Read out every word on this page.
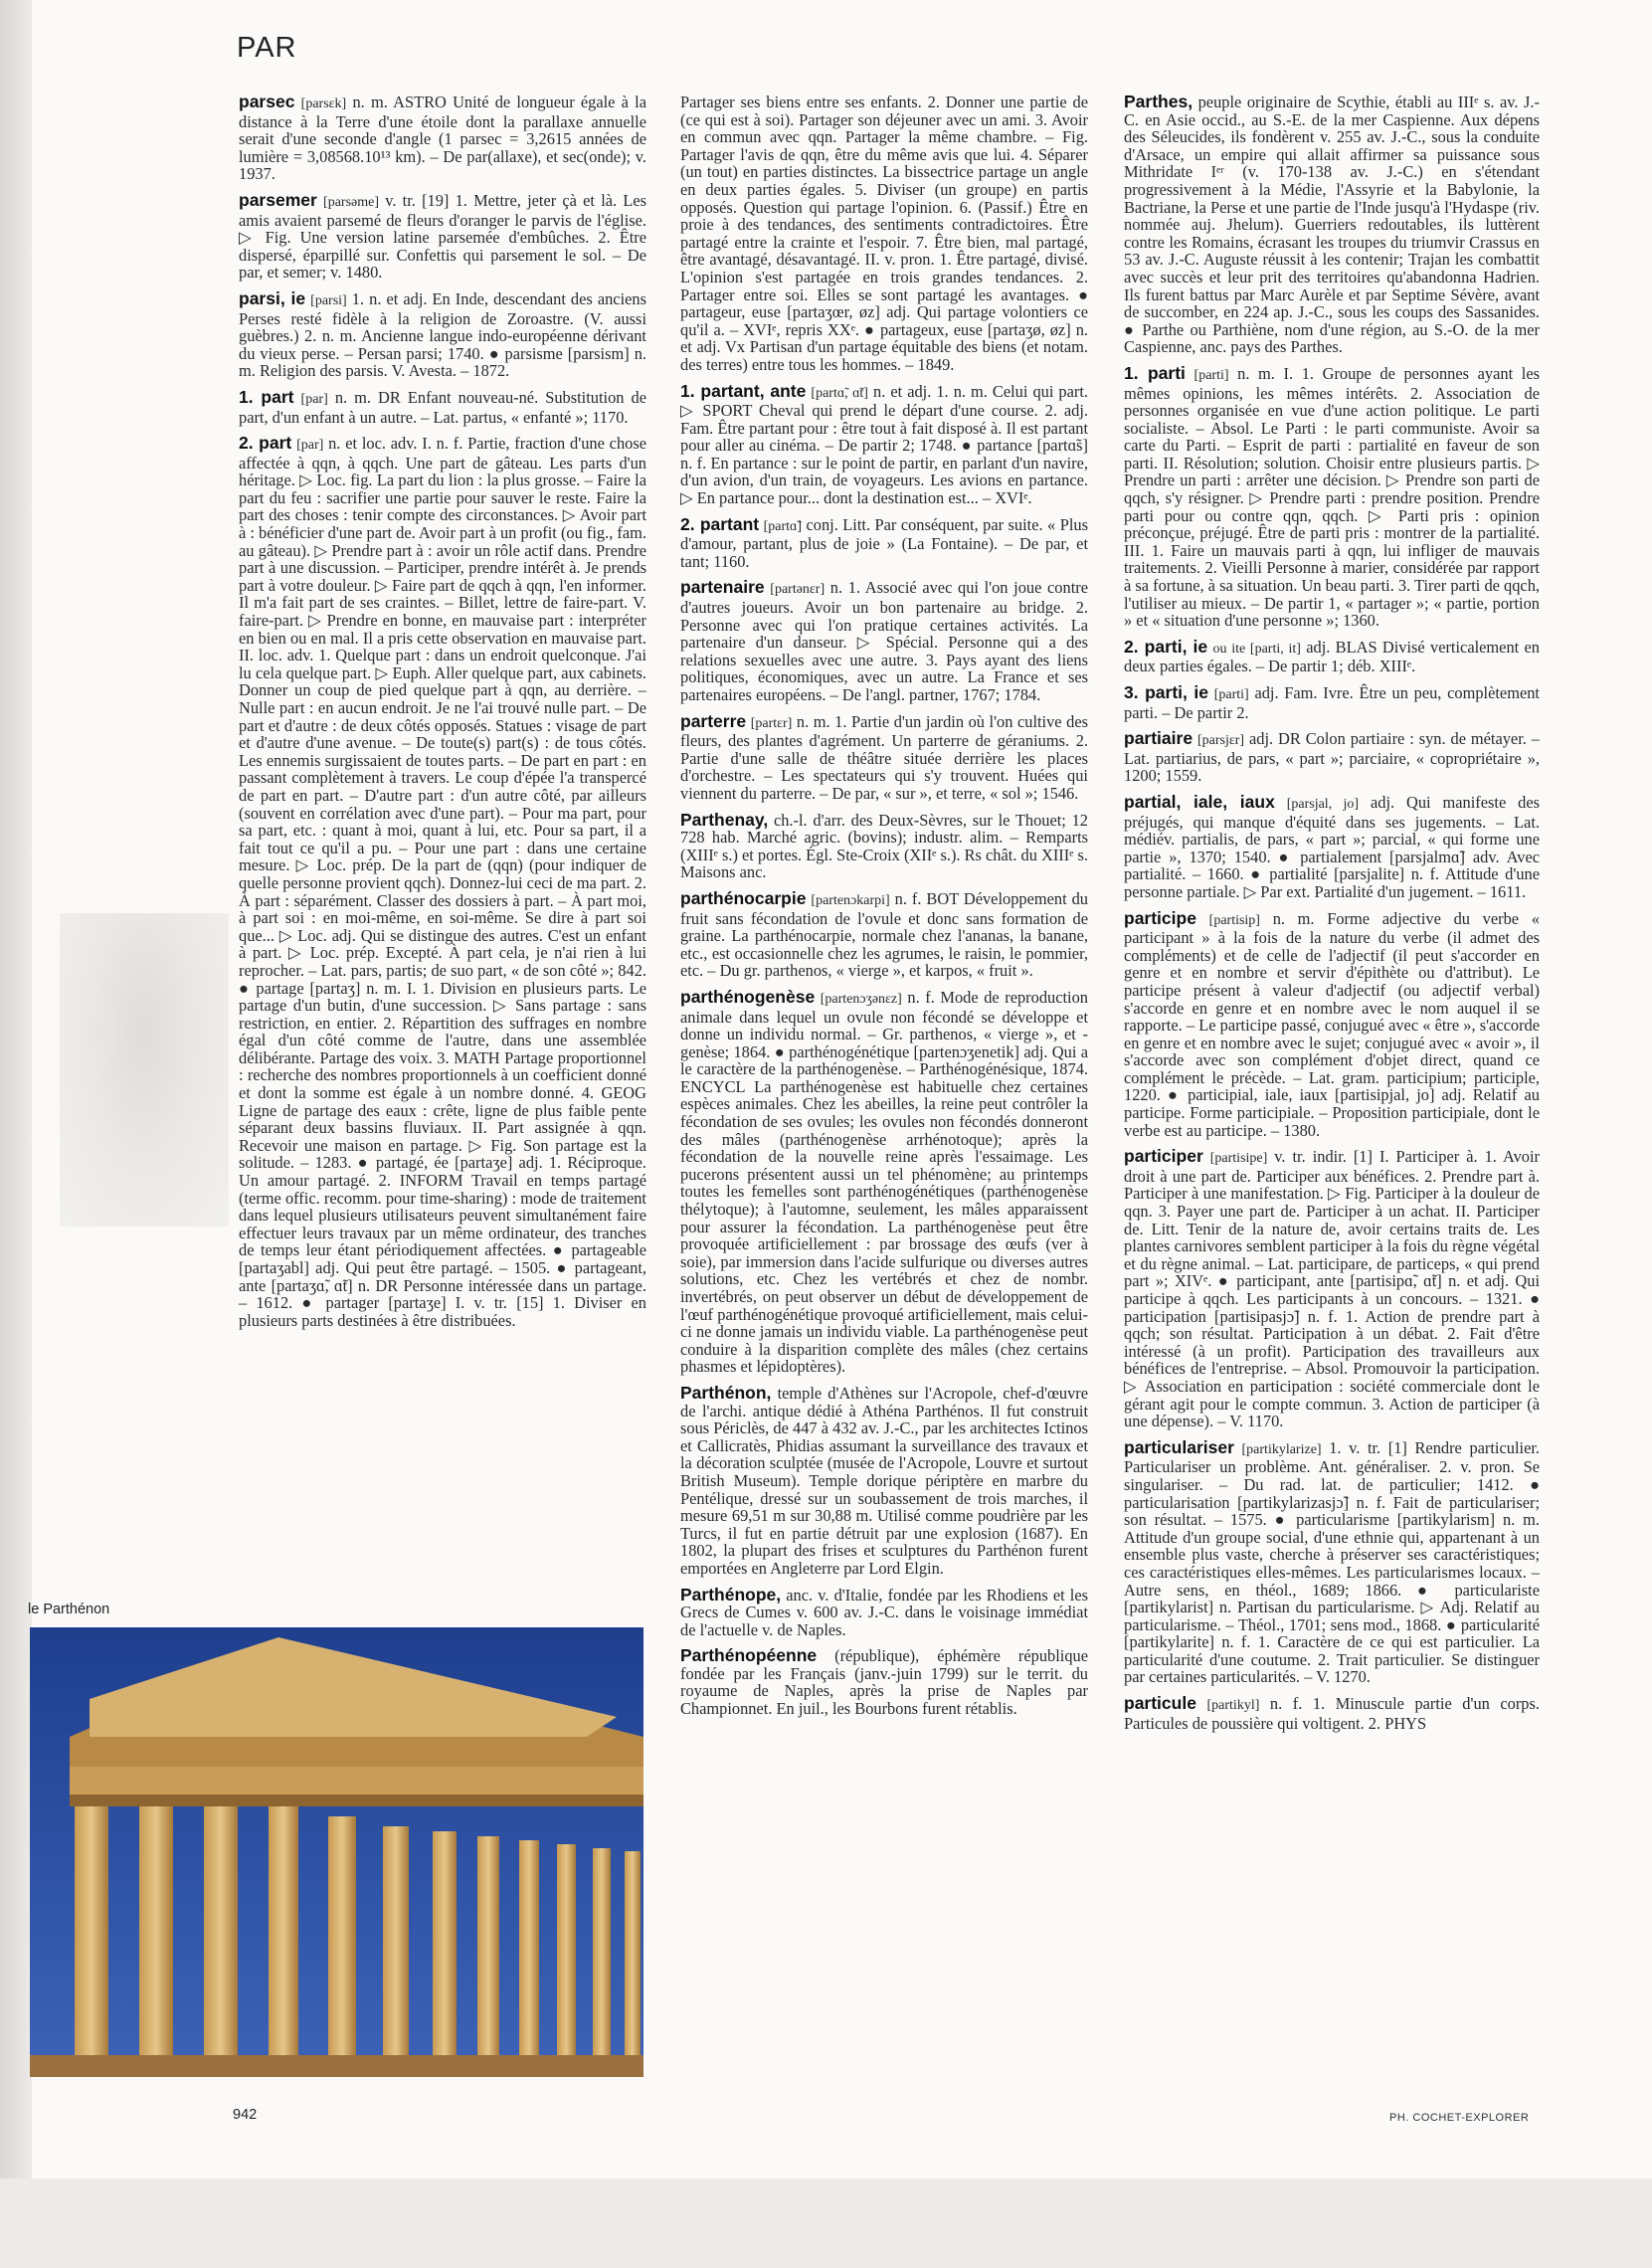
PAR

parsec [parsɛk] n. m. ASTRO Unité de longueur égale à la distance à la Terre d'une étoile dont la parallaxe annuelle serait d'une seconde d'angle (1 parsec = 3,2615 années de lumière = 3,08568.10¹³ km). – De par(allaxe), et sec(onde); v. 1937.

parsemer [parsəme] v. tr. [19] 1. Mettre, jeter çà et là. Les amis avaient parsemé de fleurs d'oranger le parvis de l'église. ▷ Fig. Une version latine parsemée d'embûches. 2. Être dispersé, éparpillé sur. Confettis qui parsement le sol. – De par, et semer; v. 1480.

parsi, ie [parsi] 1. n. et adj. En Inde, descendant des anciens Perses resté fidèle à la religion de Zoroastre. (V. aussi guèbres.) 2. n. m. Ancienne langue indo-européenne dérivant du vieux perse. – Persan parsi; 1740. ● parsisme [parsism] n. m. Religion des parsis. V. Avesta. – 1872.

1. part [par] n. m. DR Enfant nouveau-né. Substitution de part, d'un enfant à un autre. – Lat. partus, « enfanté »; 1170.

2. part [par] n. et loc. adv. I. n. f. Partie, fraction d'une chose affectée à qqn, à qqch. Une part de gâteau. Les parts d'un héritage. ▷ Loc. fig. La part du lion : la plus grosse. – Faire la part du feu : sacrifier une partie pour sauver le reste. Faire la part des choses : tenir compte des circonstances. ▷ Avoir part à : bénéficier d'une part de. Avoir part à un profit (ou fig., fam. au gâteau). ▷ Prendre part à : avoir un rôle actif dans. Prendre part à une discussion. – Participer, prendre intérêt à. Je prends part à votre douleur. ▷ Faire part de qqch à qqn, l'en informer. Il m'a fait part de ses craintes. – Billet, lettre de faire-part. V. faire-part. ▷ Prendre en bonne, en mauvaise part : interpréter en bien ou en mal. Il a pris cette observation en mauvaise part. II. loc. adv. 1. Quelque part : dans un endroit quelconque. J'ai lu cela quelque part. ▷ Euph. Aller quelque part, aux cabinets. Donner un coup de pied quelque part à qqn, au derrière. – Nulle part : en aucun endroit. Je ne l'ai trouvé nulle part. – De part et d'autre : de deux côtés opposés. Statues : visage de part et d'autre d'une avenue. – De toute(s) part(s) : de tous côtés. Les ennemis surgissaient de toutes parts. – De part en part : en passant complètement à travers. Le coup d'épée l'a transpercé de part en part. – D'autre part : d'un autre côté, par ailleurs (souvent en corrélation avec d'une part). – Pour ma part, pour sa part, etc. : quant à moi, quant à lui, etc. Pour sa part, il a fait tout ce qu'il a pu. – Pour une part : dans une certaine mesure. ▷ Loc. prép. De la part de (qqn) (pour indiquer de quelle personne provient qqch). Donnez-lui ceci de ma part. 2. À part : séparément. Classer des dossiers à part. – À part moi, à part soi : en moi-même, en soi-même. Se dire à part soi que... ▷ Loc. adj. Qui se distingue des autres. C'est un enfant à part. ▷ Loc. prép. Excepté. À part cela, je n'ai rien à lui reprocher. – Lat. pars, partis; de suo part, « de son côté »; 842. ● partage [partaʒ] n. m. I. 1. Division en plusieurs parts. Le partage d'un butin, d'une succession. ▷ Sans partage : sans restriction, en entier. 2. Répartition des suffrages en nombre égal d'un côté comme de l'autre, dans une assemblée délibérante. Partage des voix. 3. MATH Partage proportionnel : recherche des nombres proportionnels à un coefficient donné et dont la somme est égale à un nombre donné. 4. GEOG Ligne de partage des eaux : crête, ligne de plus faible pente séparant deux bassins fluviaux. II. Part assignée à qqn. Recevoir une maison en partage. ▷ Fig. Son partage est la solitude. – 1283. ● partagé, ée [partaʒe] adj. 1. Réciproque. Un amour partagé. 2. INFORM Travail en temps partagé (terme offic. recomm. pour time-sharing) : mode de traitement dans lequel plusieurs utilisateurs peuvent simultanément faire effectuer leurs travaux par un même ordinateur, des tranches de temps leur étant périodiquement affectées. ● partageable [partaʒabl] adj. Qui peut être partagé. – 1505. ● partageant, ante [partaʒɑ̃, ɑ̃t] n. DR Personne intéressée dans un partage. – 1612. ● partager [partaʒe] I. v. tr. [15] 1. Diviser en plusieurs parts destinées à être distribuées.

Partager ses biens entre ses enfants. 2. Donner une partie de (ce qui est à soi). Partager son déjeuner avec un ami. 3. Avoir en commun avec qqn. Partager la même chambre. – Fig. Partager l'avis de qqn, être du même avis que lui. 4. Séparer (un tout) en parties distinctes. La bissectrice partage un angle en deux parties égales. 5. Diviser (un groupe) en partis opposés. Question qui partage l'opinion. 6. (Passif.) Être en proie à des tendances, des sentiments contradictoires. Être partagé entre la crainte et l'espoir. 7. Être bien, mal partagé, être avantagé, désavantagé. II. v. pron. 1. Être partagé, divisé. L'opinion s'est partagée en trois grandes tendances. 2. Partager entre soi. Elles se sont partagé les avantages. ● partageur, euse [partaʒœr, øz] adj. Qui partage volontiers ce qu'il a. – XVIᵉ, repris XXᵉ. ● partageux, euse [partaʒø, øz] n. et adj. Vx Partisan d'un partage équitable des biens (et notam. des terres) entre tous les hommes. – 1849.

1. partant, ante [partɑ̃, ɑ̃t] n. et adj. 1. n. m. Celui qui part. ▷ SPORT Cheval qui prend le départ d'une course. 2. adj. Fam. Être partant pour : être tout à fait disposé à. Il est partant pour aller au cinéma. – De partir 2; 1748. ● partance [partɑ̃s] n. f. En partance : sur le point de partir, en parlant d'un navire, d'un avion, d'un train, de voyageurs. Les avions en partance. ▷ En partance pour... dont la destination est... – XVIᵉ.

2. partant [partɑ̃] conj. Litt. Par conséquent, par suite. « Plus d'amour, partant, plus de joie » (La Fontaine). – De par, et tant; 1160.

partenaire [partənɛr] n. 1. Associé avec qui l'on joue contre d'autres joueurs. Avoir un bon partenaire au bridge. 2. Personne avec qui l'on pratique certaines activités. La partenaire d'un danseur. ▷ Spécial. Personne qui a des relations sexuelles avec une autre. 3. Pays ayant des liens politiques, économiques, avec un autre. La France et ses partenaires européens. – De l'angl. partner, 1767; 1784.

parterre [partɛr] n. m. 1. Partie d'un jardin où l'on cultive des fleurs, des plantes d'agrément. Un parterre de géraniums. 2. Partie d'une salle de théâtre située derrière les places d'orchestre. – Les spectateurs qui s'y trouvent. Huées qui viennent du parterre. – De par, « sur », et terre, « sol »; 1546.

Parthenay, ch.-l. d'arr. des Deux-Sèvres, sur le Thouet; 12 728 hab. Marché agric. (bovins); industr. alim. – Remparts (XIIIᵉ s.) et portes. Égl. Ste-Croix (XIIᵉ s.). Rs chât. du XIIIᵉ s. Maisons anc.

parthénocarpie [partenɔkarpi] n. f. BOT Développement du fruit sans fécondation de l'ovule et donc sans formation de graine. La parthénocarpie, normale chez l'ananas, la banane, etc., est occasionnelle chez les agrumes, le raisin, le pommier, etc. – Du gr. parthenos, « vierge », et karpos, « fruit ».

parthénogenèse [partenɔʒənɛz] n. f. Mode de reproduction animale dans lequel un ovule non fécondé se développe et donne un individu normal. – Gr. parthenos, « vierge », et -genèse; 1864. ● parthénogénétique [partenɔʒenetik] adj. Qui a le caractère de la parthénogenèse. – Parthénogénésique, 1874. ENCYCL La parthénogenèse est habituelle chez certaines espèces animales. Chez les abeilles, la reine peut contrôler la fécondation de ses ovules; les ovules non fécondés donneront des mâles (parthénogenèse arrhénotoque); après la fécondation de la nouvelle reine après l'essaimage. Les pucerons présentent aussi un tel phénomène; au printemps toutes les femelles sont parthénogénétiques (parthénogenèse thélytoque); à l'automne, seulement, les mâles apparaissent pour assurer la fécondation. La parthénogenèse peut être provoquée artificiellement : par brossage des œufs (ver à soie), par immersion dans l'acide sulfurique ou diverses autres solutions, etc. Chez les vertébrés et chez de nombr. invertébrés, on peut observer un début de développement de l'œuf parthénogénétique provoqué artificiellement, mais celui-ci ne donne jamais un individu viable. La parthénogenèse peut conduire à la disparition complète des mâles (chez certains phasmes et lépidoptères).

Parthénon, temple d'Athènes sur l'Acropole, chef-d'œuvre de l'archi. antique dédié à Athéna Parthénos. Il fut construit sous Périclès, de 447 à 432 av. J.-C., par les architectes Ictinos et Callicratès, Phidias assumant la surveillance des travaux et la décoration sculptée (musée de l'Acropole, Louvre et surtout British Museum). Temple dorique périptère en marbre du Pentélique, dressé sur un soubassement de trois marches, il mesure 69,51 m sur 30,88 m. Utilisé comme poudrière par les Turcs, il fut en partie détruit par une explosion (1687). En 1802, la plupart des frises et sculptures du Parthénon furent emportées en Angleterre par Lord Elgin.

Parthénope, anc. v. d'Italie, fondée par les Rhodiens et les Grecs de Cumes v. 600 av. J.-C. dans le voisinage immédiat de l'actuelle v. de Naples.

Parthénopéenne (république), éphémère république fondée par les Français (janv.-juin 1799) sur le territ. du royaume de Naples, après la prise de Naples par Championnet. En juil., les Bourbons furent rétablis.

Parthes, peuple originaire de Scythie, établi au IIIᵉ s. av. J.-C. en Asie occid., au S.-E. de la mer Caspienne. Aux dépens des Séleucides, ils fondèrent v. 255 av. J.-C., sous la conduite d'Arsace, un empire qui allait affirmer sa puissance sous Mithridate Iᵉʳ (v. 170-138 av. J.-C.) en s'étendant progressivement à la Médie, l'Assyrie et la Babylonie, la Bactriane, la Perse et une partie de l'Inde jusqu'à l'Hydaspe (riv. nommée auj. Jhelum). Guerriers redoutables, ils luttèrent contre les Romains, écrasant les troupes du triumvir Crassus en 53 av. J.-C. Auguste réussit à les contenir; Trajan les combattit avec succès et leur prit des territoires qu'abandonna Hadrien. Ils furent battus par Marc Aurèle et par Septime Sévère, avant de succomber, en 224 ap. J.-C., sous les coups des Sassanides. ● Parthe ou Parthiène, nom d'une région, au S.-O. de la mer Caspienne, anc. pays des Parthes.

1. parti [parti] n. m. I. 1. Groupe de personnes ayant les mêmes opinions, les mêmes intérêts. 2. Association de personnes organisée en vue d'une action politique. Le parti socialiste. – Absol. Le Parti : le parti communiste. Avoir sa carte du Parti. – Esprit de parti : partialité en faveur de son parti. II. Résolution; solution. Choisir entre plusieurs partis. ▷ Prendre un parti : arrêter une décision. ▷ Prendre son parti de qqch, s'y résigner. ▷ Prendre parti : prendre position. Prendre parti pour ou contre qqn, qqch. ▷ Parti pris : opinion préconçue, préjugé. Être de parti pris : montrer de la partialité. III. 1. Faire un mauvais parti à qqn, lui infliger de mauvais traitements. 2. Vieilli Personne à marier, considérée par rapport à sa fortune, à sa situation. Un beau parti. 3. Tirer parti de qqch, l'utiliser au mieux. – De partir 1, « partager »; « partie, portion » et « situation d'une personne »; 1360.

2. parti, ie ou ite [parti, it] adj. BLAS Divisé verticalement en deux parties égales. – De partir 1; déb. XIIIᵉ.

3. parti, ie [parti] adj. Fam. Ivre. Être un peu, complètement parti. – De partir 2.

partiaire [parsjɛr] adj. DR Colon partiaire : syn. de métayer. – Lat. partiarius, de pars, « part »; parciaire, « copropriétaire », 1200; 1559.

partial, iale, iaux [parsjal, jo] adj. Qui manifeste des préjugés, qui manque d'équité dans ses jugements. – Lat. médiév. partialis, de pars, « part »; parcial, « qui forme une partie », 1370; 1540. ● partialement [parsjalmɑ̃] adv. Avec partialité. – 1660. ● partialité [parsjalite] n. f. Attitude d'une personne partiale. ▷ Par ext. Partialité d'un jugement. – 1611.

participe [partisip] n. m. Forme adjective du verbe « participant » à la fois de la nature du verbe (il admet des compléments) et de celle de l'adjectif (il peut s'accorder en genre et en nombre et servir d'épithète ou d'attribut). Le participe présent à valeur d'adjectif (ou adjectif verbal) s'accorde en genre et en nombre avec le nom auquel il se rapporte. – Le participe passé, conjugué avec « être », s'accorde en genre et en nombre avec le sujet; conjugué avec « avoir », il s'accorde avec son complément d'objet direct, quand ce complément le précède. – Lat. gram. participium; participle, 1220. ● participial, iale, iaux [partisipjal, jo] adj. Relatif au participe. Forme participiale. – Proposition participiale, dont le verbe est au participe. – 1380.

participer [partisipe] v. tr. indir. [1] I. Participer à. 1. Avoir droit à une part de. Participer aux bénéfices. 2. Prendre part à. Participer à une manifestation. ▷ Fig. Participer à la douleur de qqn. 3. Payer une part de. Participer à un achat. II. Participer de. Litt. Tenir de la nature de, avoir certains traits de. Les plantes carnivores semblent participer à la fois du règne végétal et du règne animal. – Lat. participare, de particeps, « qui prend part »; XIVᵉ. ● participant, ante [partisipɑ̃, ɑ̃t] n. et adj. Qui participe à qqch. Les participants à un concours. – 1321. ● participation [partisipasjɔ̃] n. f. 1. Action de prendre part à qqch; son résultat. Participation à un débat. 2. Fait d'être intéressé (à un profit). Participation des travailleurs aux bénéfices de l'entreprise. – Absol. Promouvoir la participation. ▷ Association en participation : société commerciale dont le gérant agit pour le compte commun. 3. Action de participer (à une dépense). – V. 1170.

particulariser [partikylarize] 1. v. tr. [1] Rendre particulier. Particulariser un problème. Ant. généraliser. 2. v. pron. Se singulariser. – Du rad. lat. de particulier; 1412. ● particularisation [partikylarizasjɔ̃] n. f. Fait de particulariser; son résultat. – 1575. ● particularisme [partikylarism] n. m. Attitude d'un groupe social, d'une ethnie qui, appartenant à un ensemble plus vaste, cherche à préserver ses caractéristiques; ces caractéristiques elles-mêmes. Les particularismes locaux. – Autre sens, en théol., 1689; 1866. ● particulariste [partikylarist] n. Partisan du particularisme. ▷ Adj. Relatif au particularisme. – Théol., 1701; sens mod., 1868. ● particularité [partikylarite] n. f. 1. Caractère de ce qui est particulier. La particularité d'une coutume. 2. Trait particulier. Se distinguer par certaines particularités. – V. 1270.

particule [partikyl] n. f. 1. Minuscule partie d'un corps. Particules de poussière qui voltigent. 2. PHYS

le Parthénon
942	PH. COCHET-EXPLORER
